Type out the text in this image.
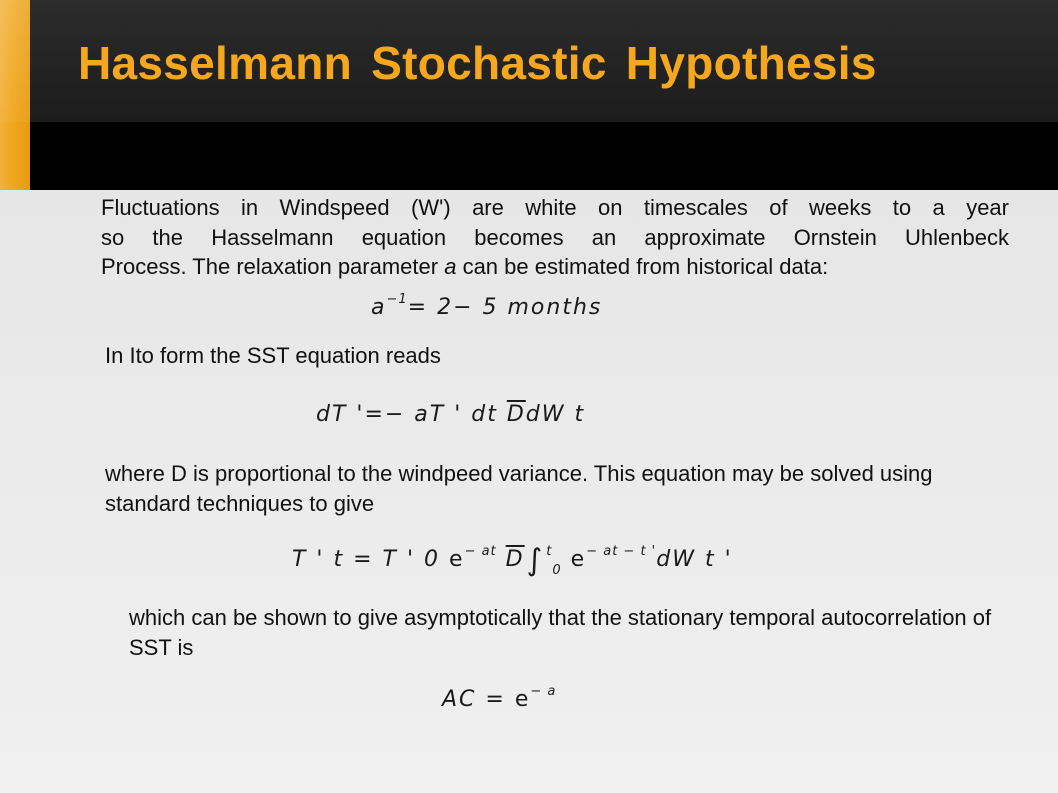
Hasselmann Stochastic Hypothesis

Fluctuations in Windspeed (W') are white on timescales of weeks to a year
so the Hasselmann equation becomes an approximate Ornstein Uhlenbeck
Process. The relaxation parameter a can be estimated from historical data:

$a^{-1}= 2- 5$ months

In Ito form the SST equation reads

dT '=− aT ' dt $\overline{D}dW$ t

where D is proportional to the windpeed variance. This equation may be solved using standard techniques to give

T ' t = T ' 0 $e^{- at}$ $\overline{D}\int$ $^t_0$ $e^{- at - t '}dW$ t '

which can be shown to give asymptotically that the stationary temporal autocorrelation of SST is

AC = $e^{- a}$
